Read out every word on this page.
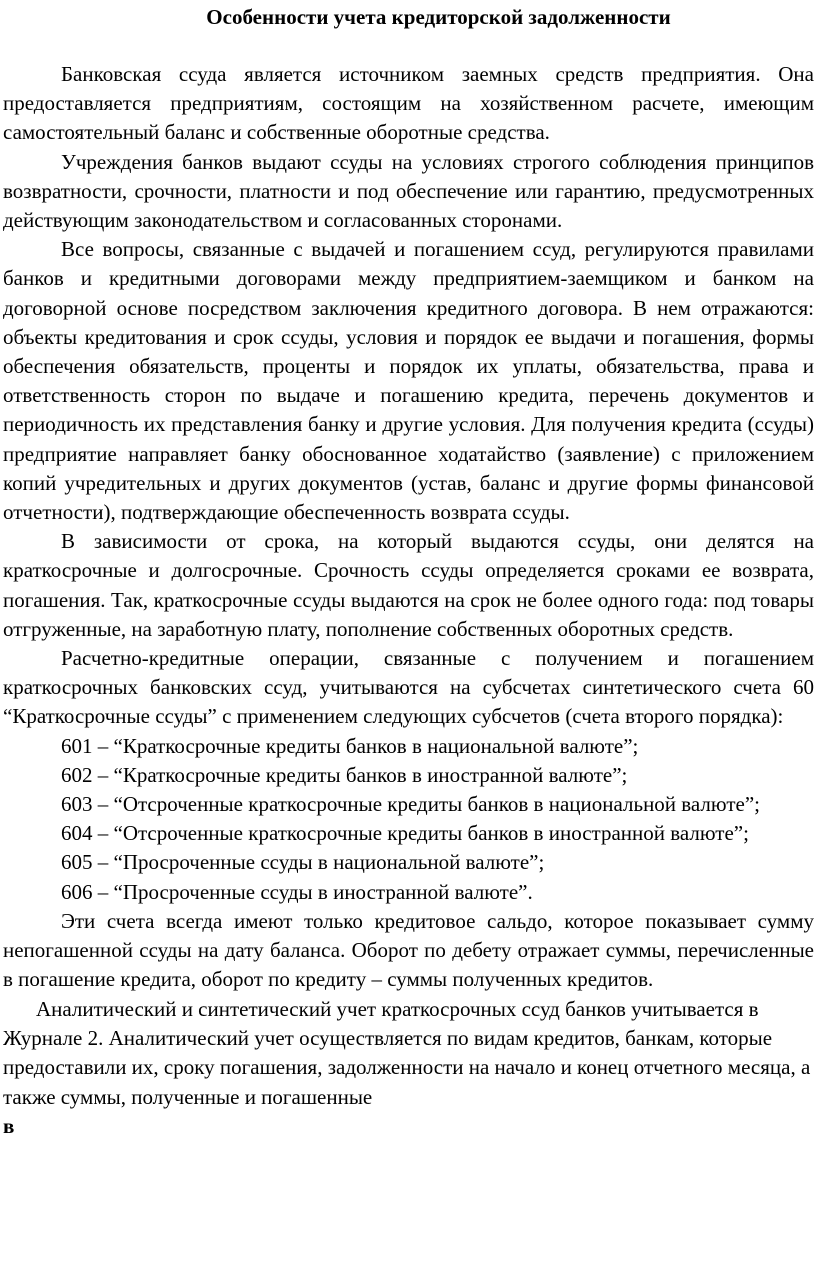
Особенности учета кредиторской задолженности

Банковская ссуда является источником заемных средств предприятия. Она предоставляется предприятиям, состоящим на хозяйственном расчете, имеющим самостоятельный баланс и собственные оборотные средства.

Учреждения банков выдают ссуды на условиях строгого соблюдения принципов возвратности, срочности, платности и под обеспечение или гарантию, предусмотренных действующим законодательством и согласованных сторонами.

Все вопросы, связанные с выдачей и погашением ссуд, регулируются правилами банков и кредитными договорами между предприятием-заемщиком и банком на договорной основе посредством заключения кредитного договора. В нем отражаются: объекты кредитования и срок ссуды, условия и порядок ее выдачи и погашения, формы обеспечения обязательств, проценты и порядок их уплаты, обязательства, права и ответственность сторон по выдаче и погашению кредита, перечень документов и периодичность их представления банку и другие условия. Для получения кредита (ссуды) предприятие направляет банку обоснованное ходатайство (заявление) с приложением копий учредительных и других документов (устав, баланс и другие формы финансовой отчетности), подтверждающие обеспеченность возврата ссуды.

В зависимости от срока, на который выдаются ссуды, они делятся на краткосрочные и долгосрочные. Срочность ссуды определяется сроками ее возврата, погашения. Так, краткосрочные ссуды выдаются на срок не более одного года: под товары отгруженные, на заработную плату, пополнение собственных оборотных средств.

Расчетно-кредитные операции, связанные с получением и погашением краткосрочных банковских ссуд, учитываются на субсчетах синтетического счета 60 “Краткосрочные ссуды” с применением следующих субсчетов (счета второго порядка):

601 – “Краткосрочные кредиты банков в национальной валюте”;

602 – “Краткосрочные кредиты банков в иностранной валюте”;

603 – “Отсроченные краткосрочные кредиты банков в национальной валюте”;

604 – “Отсроченные краткосрочные кредиты банков в иностранной валюте”;

605 – “Просроченные ссуды в национальной валюте”;

606 – “Просроченные ссуды в иностранной валюте”.

Эти счета всегда имеют только кредитовое сальдо, которое показывает сумму непогашенной ссуды на дату баланса. Оборот по дебету отражает суммы, перечисленные в погашение кредита, оборот по кредиту – суммы полученных кредитов.

Аналитический и синтетический учет краткосрочных ссуд банков учитывается в Журнале 2. Аналитический учет осуществляется по видам кредитов, банкам, которые предоставили их, сроку погашения, задолженности на начало и конец отчетного месяца, а также суммы, полученные и погашенные
в
